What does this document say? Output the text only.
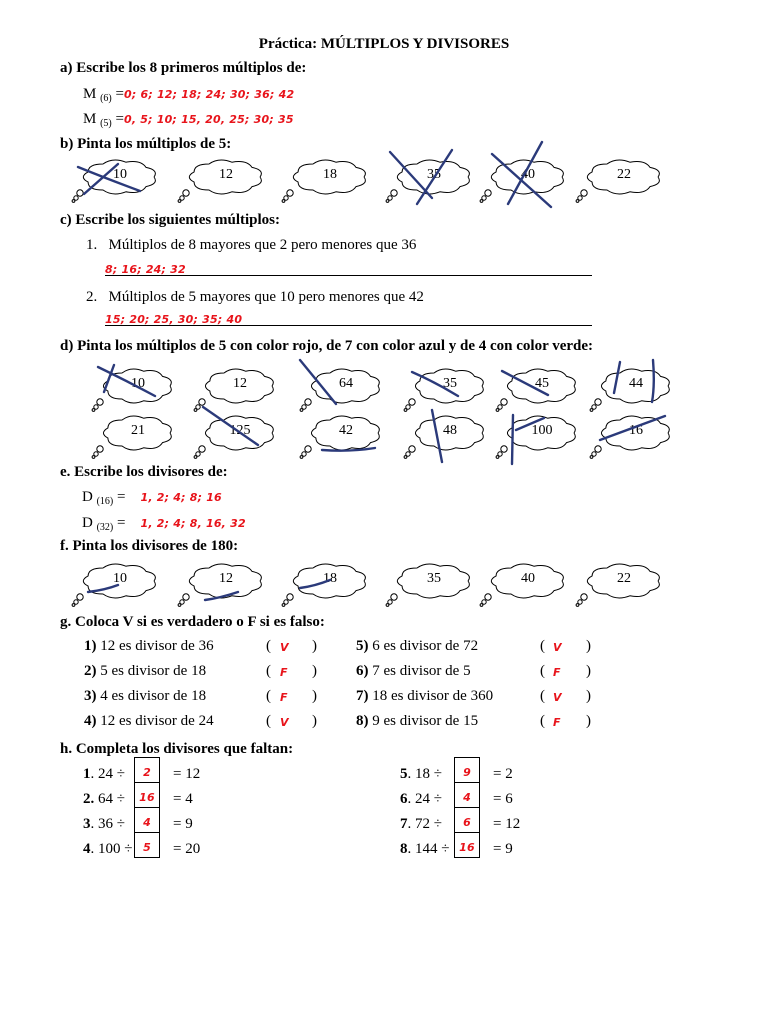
Práctica: MÚLTIPLOS Y DIVISORES
a) Escribe los 8 primeros múltiplos de:
M $_{(6)}$ =0; 6; 12; 18; 24; 30; 36; 42
M $_{(5)}$ =0, 5; 10; 15, 20, 25; 30; 35
b) Pinta los múltiplos de 5:
10	12	18	35	40	22
c) Escribe los siguientes múltiplos:
1. Múltiplos de 8 mayores que 2 pero menores que 36
8; 16; 24; 32
2. Múltiplos de 5 mayores que 10 pero menores que 42
15; 20; 25, 30; 35; 40
d) Pinta los múltiplos de 5 con color rojo, de 7 con color azul y de 4 con color verde:
10	12	64	35	45	44
21	125	42	48	100	16
e. Escribe los divisores de:
D $_{(16)}$ = 1, 2; 4; 8; 16
D $_{(32)}$ = 1, 2; 4; 8, 16, 32
f. Pinta los divisores de 180:
10	12	18	35	40	22
g. Coloca V si es verdadero o F si es falso:
1) 12 es divisor de 36	( V )
2) 5 es divisor de 18	( F )
3) 4 es divisor de 18	( F )
4) 12 es divisor de 24	( V )
5) 6 es divisor de 72	( V )
6) 7 es divisor de 5	( F )
7) 18 es divisor de 360	( V )
8) 9 es divisor de 15	( F )
h. Completa los divisores que faltan:
1. 24 ÷	2	= 12
2. 64 ÷	16 = 4
3. 36 ÷	4	= 9
4. 100 ÷ 5	= 20
5. 18 ÷	9	= 2
6. 24 ÷	4	= 6
7. 72 ÷	6	= 12
8. 144 ÷ 16 = 9
